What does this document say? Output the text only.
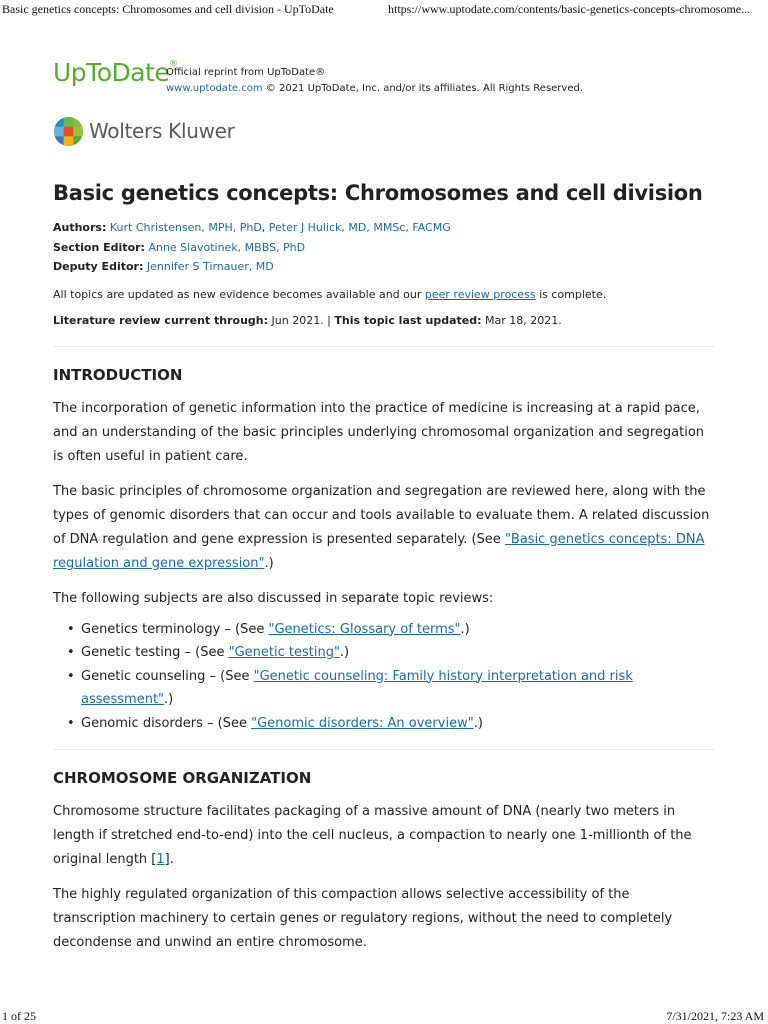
Basic genetics concepts: Chromosomes and cell division - UpToDate	https://www.uptodate.com/contents/basic-genetics-concepts-chromosome...
UpToDate®
Official reprint from UpToDate®
www.uptodate.com © 2021 UpToDate, Inc. and/or its affiliates. All Rights Reserved.
Wolters Kluwer
Basic genetics concepts: Chromosomes and cell division
Authors: Kurt Christensen, MPH, PhD, Peter J Hulick, MD, MMSc, FACMG
Section Editor: Anne Slavotinek, MBBS, PhD
Deputy Editor: Jennifer S Tirnauer, MD
All topics are updated as new evidence becomes available and our peer review process is complete.
Literature review current through: Jun 2021. | This topic last updated: Mar 18, 2021.
INTRODUCTION

The incorporation of genetic information into the practice of medicine is increasing at a rapid pace, and an understanding of the basic principles underlying chromosomal organization and segregation is often useful in patient care.

The basic principles of chromosome organization and segregation are reviewed here, along with the types of genomic disorders that can occur and tools available to evaluate them. A related discussion of DNA regulation and gene expression is presented separately. (See "Basic genetics concepts: DNA regulation and gene expression".)

The following subjects are also discussed in separate topic reviews:

• Genetics terminology – (See "Genetics: Glossary of terms".)
• Genetic testing – (See "Genetic testing".)
• Genetic counseling – (See "Genetic counseling: Family history interpretation and risk assessment".)
• Genomic disorders – (See "Genomic disorders: An overview".)
CHROMOSOME ORGANIZATION

Chromosome structure facilitates packaging of a massive amount of DNA (nearly two meters in length if stretched end-to-end) into the cell nucleus, a compaction to nearly one 1-millionth of the original length [1].

The highly regulated organization of this compaction allows selective accessibility of the transcription machinery to certain genes or regulatory regions, without the need to completely decondense and unwind an entire chromosome.

1 of 25	7/31/2021, 7:23 AM
